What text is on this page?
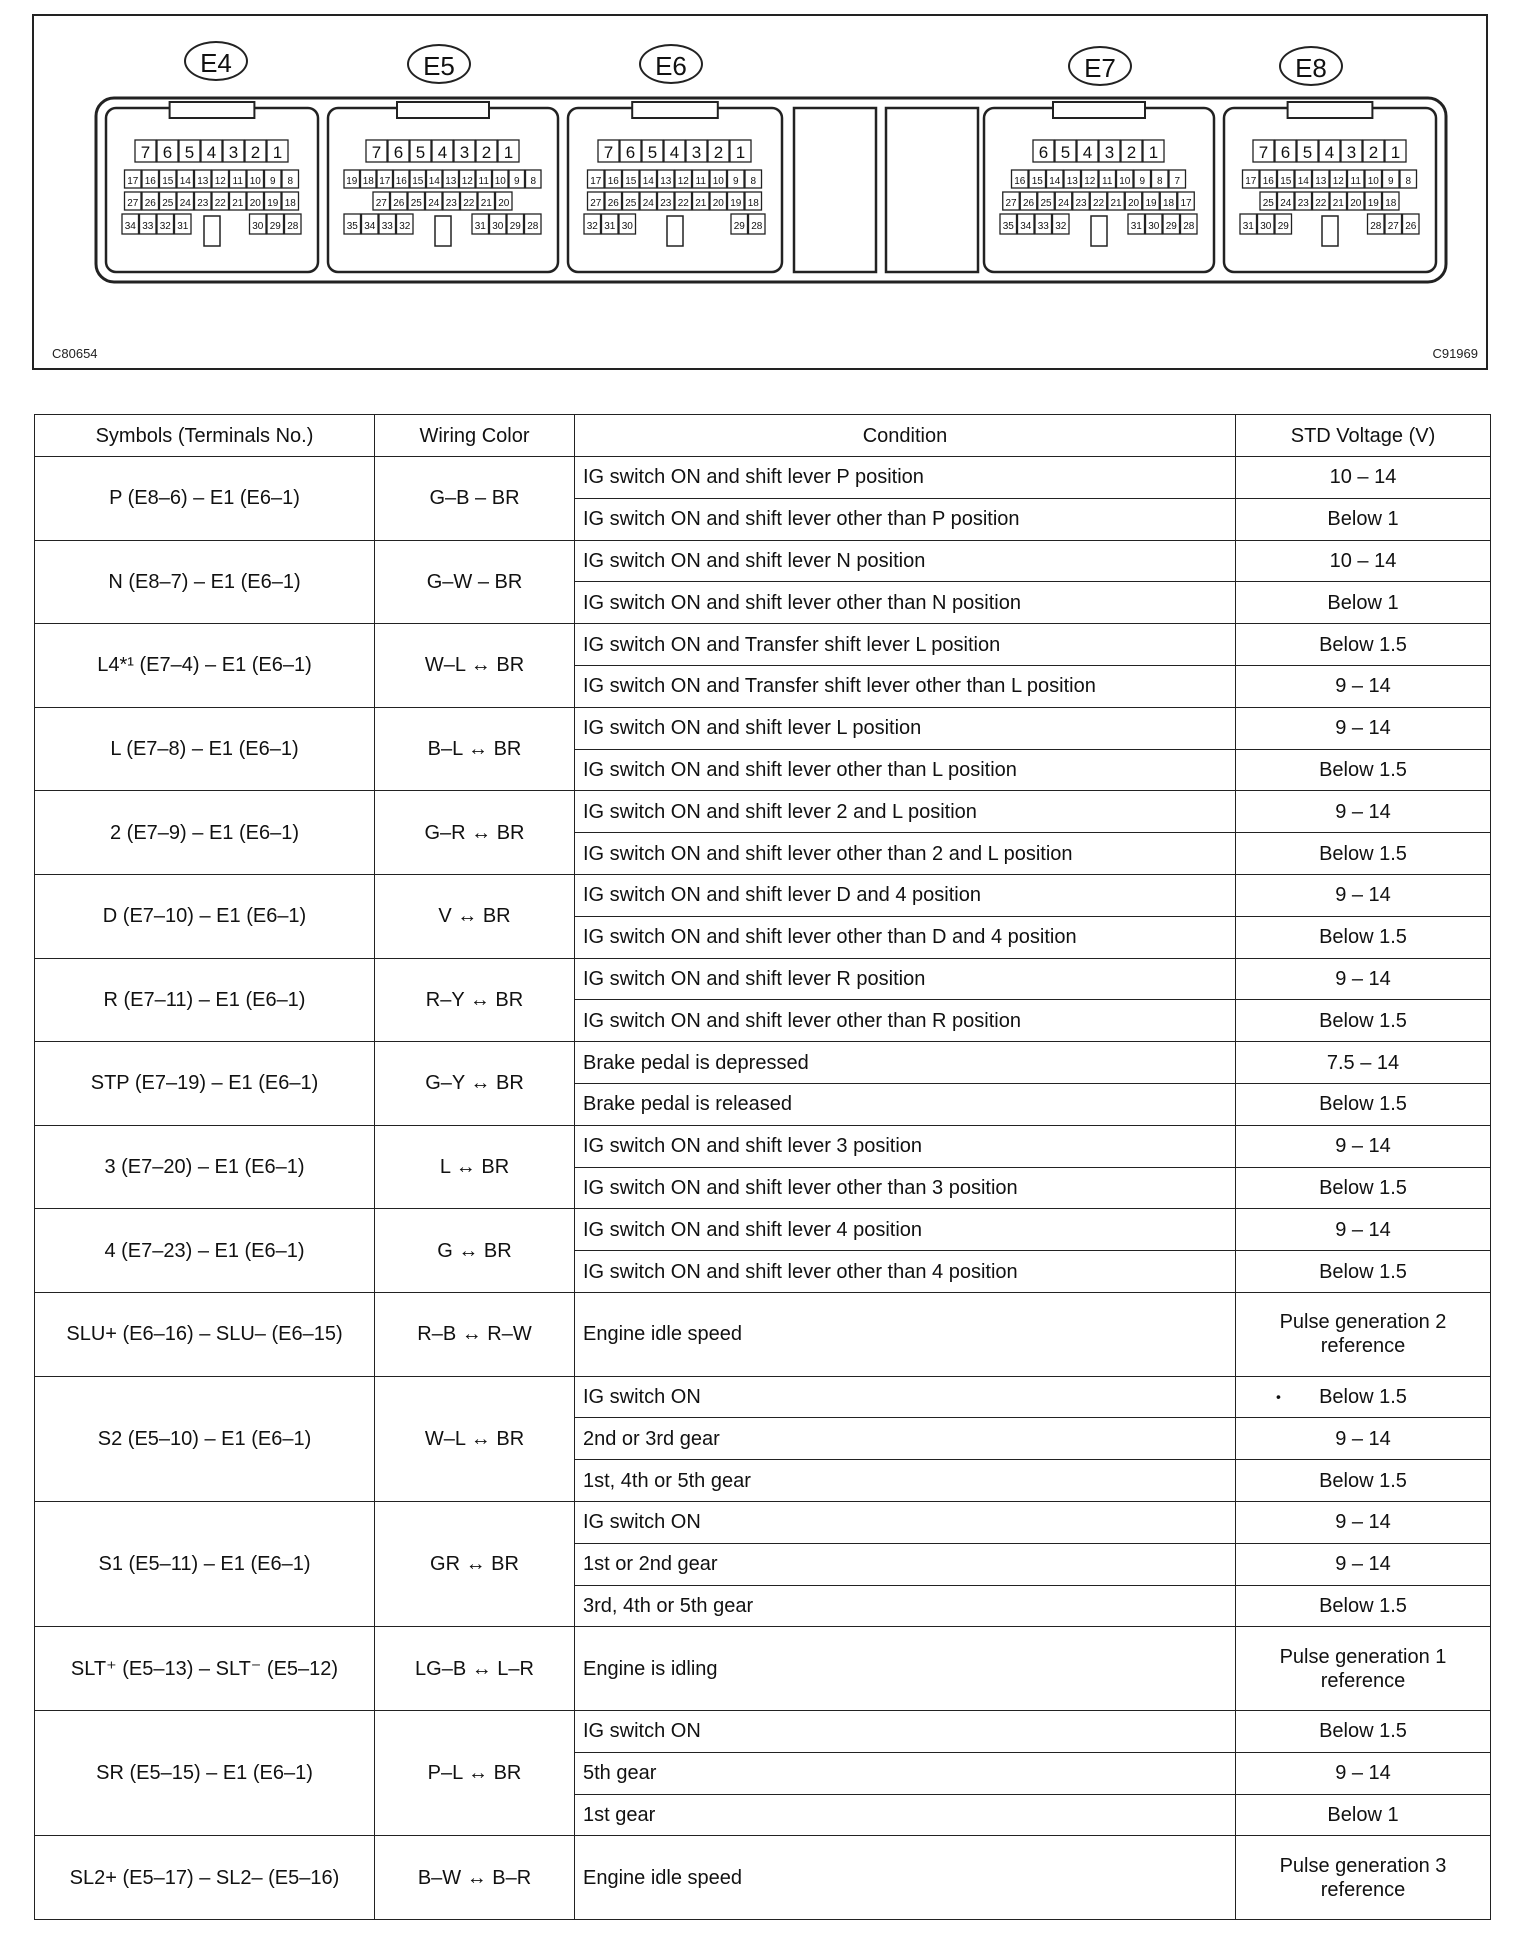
7 6 5 4 3 2 1
17 16 15 14 13 12 11 10 9 8
27 26 25 24 23 22 21 20 19 18
34 33 32 31	30 29 28
7 6 5 4 3 2 1
19 18 17 16 15 14 13 12 11 10 9 8
27 26 25 24 23 22 21 20
35 34 33 32	31 30 29 28
7 6 5 4 3 2 1
17 16 15 14 13 12 11 10 9 8
27 26 25 24 23 22 21 20 19 18
32 31 30	29 28
6 5 4 3 2 1
16 15 14 13 12 11 10 9 8 7
27 26 25 24 23 22 21 20 19 18 17
35 34 33 32	31 30 29 28
7 6 5 4 3 2 1
17 16 15 14 13 12 11 10 9 8
25 24 23 22 21 20 19 18
31 30 29	28 27 26
E4	E5	E6	E7	E8
C80654	C91969
Symbols (Terminals No.)	Wiring Color	Condition	STD Voltage (V)
P (E8–6) – E1 (E6–1)	G–B – BR	IG switch ON and shift lever P position	10 – 14
		IG switch ON and shift lever other than P position	Below 1
N (E8–7) – E1 (E6–1)	G–W – BR	IG switch ON and shift lever N position	10 – 14
		IG switch ON and shift lever other than N position	Below 1
L4*¹ (E7–4) – E1 (E6–1)	W–L ↔ BR	IG switch ON and Transfer shift lever L position	Below 1.5
		IG switch ON and Transfer shift lever other than L position	9 – 14
L (E7–8) – E1 (E6–1)	B–L ↔ BR	IG switch ON and shift lever L position	9 – 14
		IG switch ON and shift lever other than L position	Below 1.5
2 (E7–9) – E1 (E6–1)	G–R ↔ BR	IG switch ON and shift lever 2 and L position	9 – 14
		IG switch ON and shift lever other than 2 and L position	Below 1.5
D (E7–10) – E1 (E6–1)	V ↔ BR	IG switch ON and shift lever D and 4 position	9 – 14
		IG switch ON and shift lever other than D and 4 position	Below 1.5
R (E7–11) – E1 (E6–1)	R–Y ↔ BR	IG switch ON and shift lever R position	9 – 14
		IG switch ON and shift lever other than R position	Below 1.5
STP (E7–19) – E1 (E6–1)	G–Y ↔ BR	Brake pedal is depressed	7.5 – 14
		Brake pedal is released	Below 1.5
3 (E7–20) – E1 (E6–1)	L ↔ BR	IG switch ON and shift lever 3 position	9 – 14
		IG switch ON and shift lever other than 3 position	Below 1.5
4 (E7–23) – E1 (E6–1)	G ↔ BR	IG switch ON and shift lever 4 position	9 – 14
		IG switch ON and shift lever other than 4 position	Below 1.5
SLU+ (E6–16) – SLU– (E6–15)	R–B ↔ R–W	Engine idle speed	Pulse generation 2 reference
S2 (E5–10) – E1 (E6–1)	W–L ↔ BR	IG switch ON	• Below 1.5
		2nd or 3rd gear	9 – 14
		1st, 4th or 5th gear	Below 1.5
S1 (E5–11) – E1 (E6–1)	GR ↔ BR	IG switch ON	9 – 14
		1st or 2nd gear	9 – 14
		3rd, 4th or 5th gear	Below 1.5
SLT⁺ (E5–13) – SLT⁻ (E5–12)	LG–B ↔ L–R	Engine is idling	Pulse generation 1 reference
SR (E5–15) – E1 (E6–1)	P–L ↔ BR	IG switch ON	Below 1.5
		5th gear	9 – 14
		1st gear	Below 1
SL2+ (E5–17) – SL2– (E5–16)	B–W ↔ B–R	Engine idle speed	Pulse generation 3 reference
